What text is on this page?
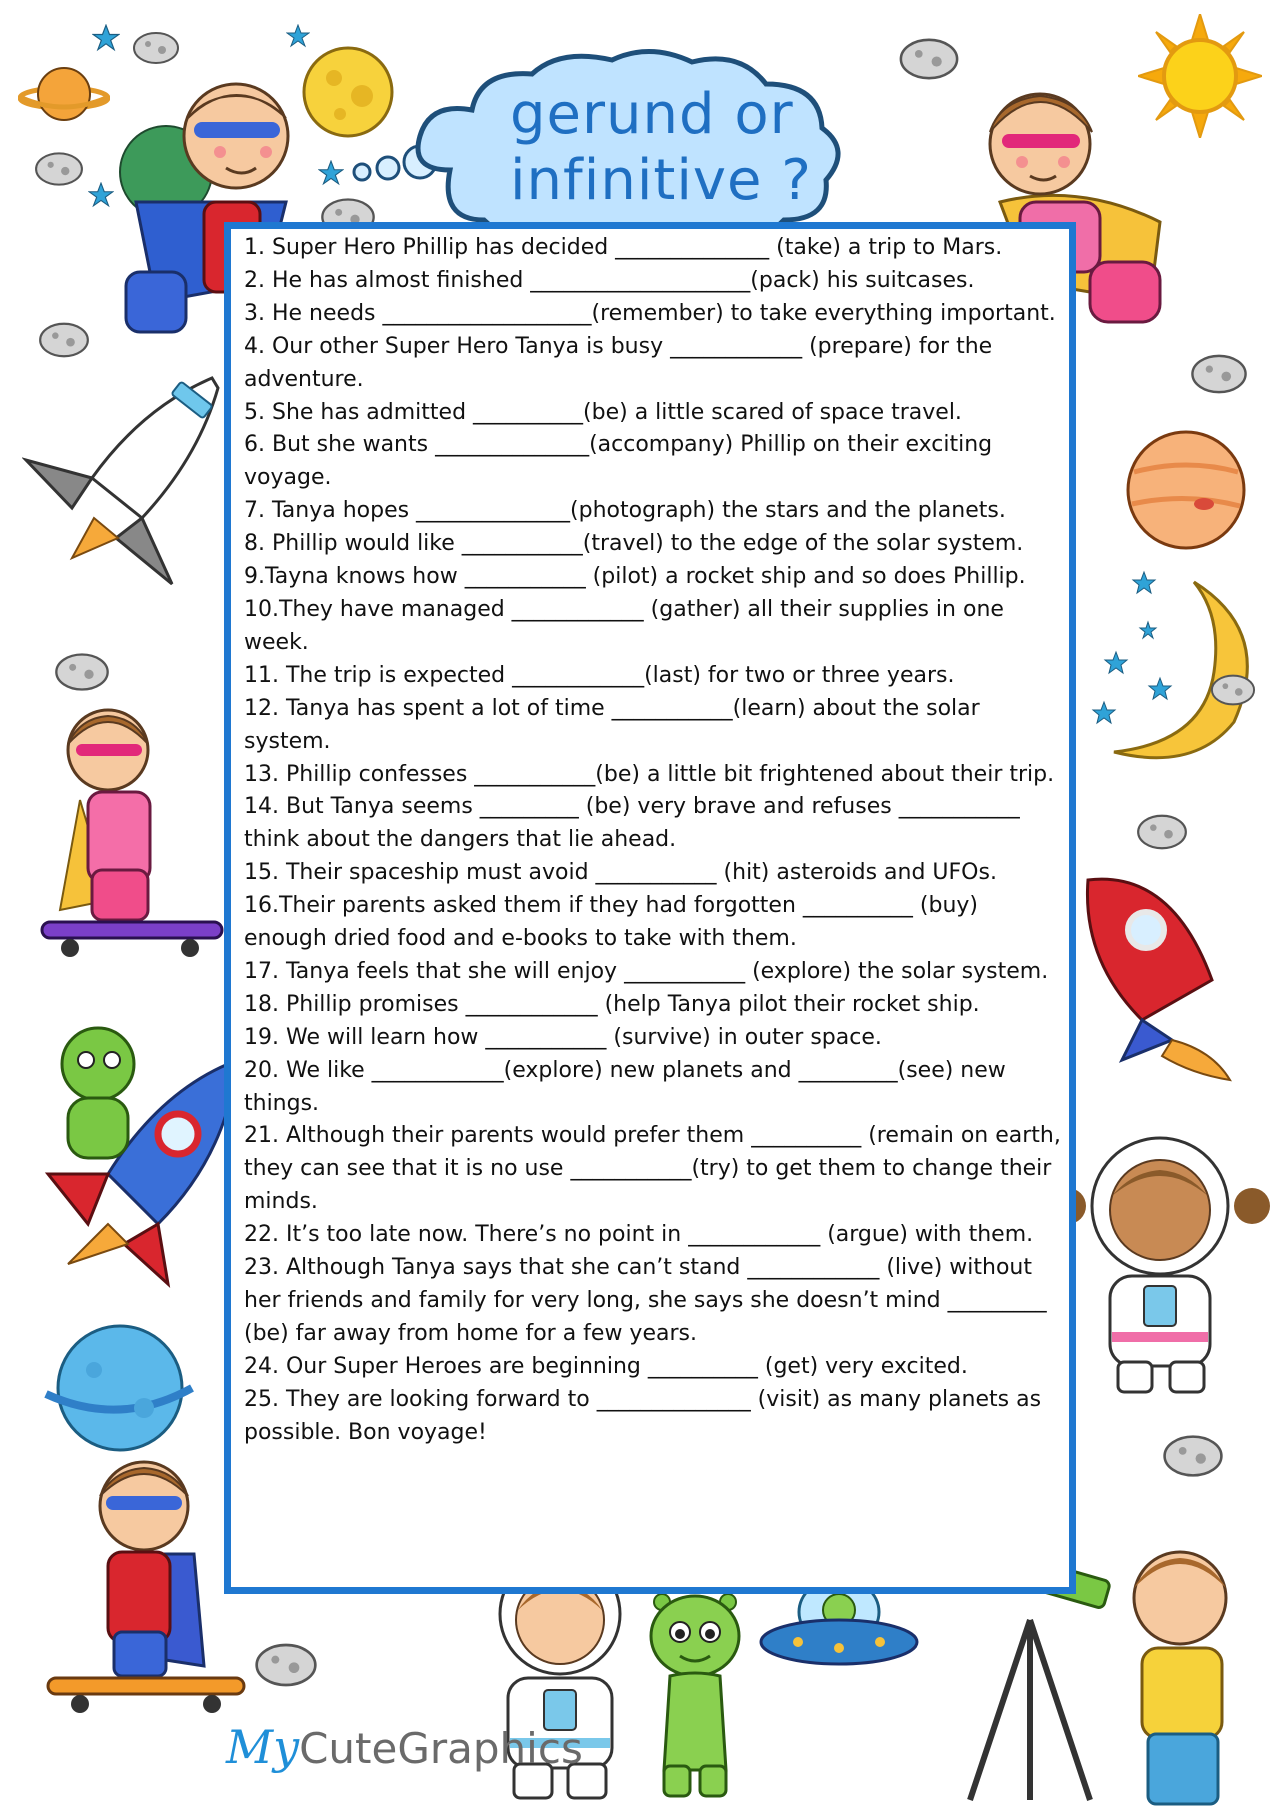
gerund or
infinitive ?

1. Super Hero Phillip has decided ______________ (take) a trip to Mars.

2. He has almost finished ____________________(pack) his suitcases.

3. He needs ___________________(remember) to take everything important.

4. Our other Super Hero Tanya is busy ____________ (prepare) for the adventure.

5. She has admitted __________(be) a little scared of space travel.

6. But she wants ______________(accompany) Phillip on their exciting voyage.

7. Tanya hopes ______________(photograph) the stars and the planets.

8. Phillip would like ___________(travel) to the edge of the solar system.

9.Tayna knows how ___________ (pilot) a rocket ship and so does Phillip.

10.They have managed ____________ (gather) all their supplies in one week.

11. The trip is expected ____________(last) for two or three years.

12. Tanya has spent a lot of time ___________(learn) about the solar system.

13. Phillip confesses ___________(be) a little bit frightened about their trip.

14. But Tanya seems _________ (be) very brave and refuses ___________ think about the dangers that lie ahead.

15. Their spaceship must avoid ___________ (hit) asteroids and UFOs.

16.Their parents asked them if they had forgotten __________ (buy) enough dried food and e-books to take with them.

17. Tanya feels that she will enjoy ___________ (explore) the solar system.

18. Phillip promises ____________ (help Tanya pilot their rocket ship.

19. We will learn how ___________ (survive) in outer space.

20. We like ____________(explore) new planets and _________(see) new things.

21. Although their parents would prefer them __________ (remain on earth, they can see that it is no use ___________(try) to get them to change their minds.

22. It’s too late now. There’s no point in ____________ (argue) with them.

23. Although Tanya says that she can’t stand ____________ (live) without her friends and family for very long, she says she doesn’t mind _________ (be) far away from home for a few years.

24. Our Super Heroes are beginning __________ (get) very excited.

25. They are looking forward to ______________ (visit) as many planets as possible. Bon voyage!

MyCuteGraphics
